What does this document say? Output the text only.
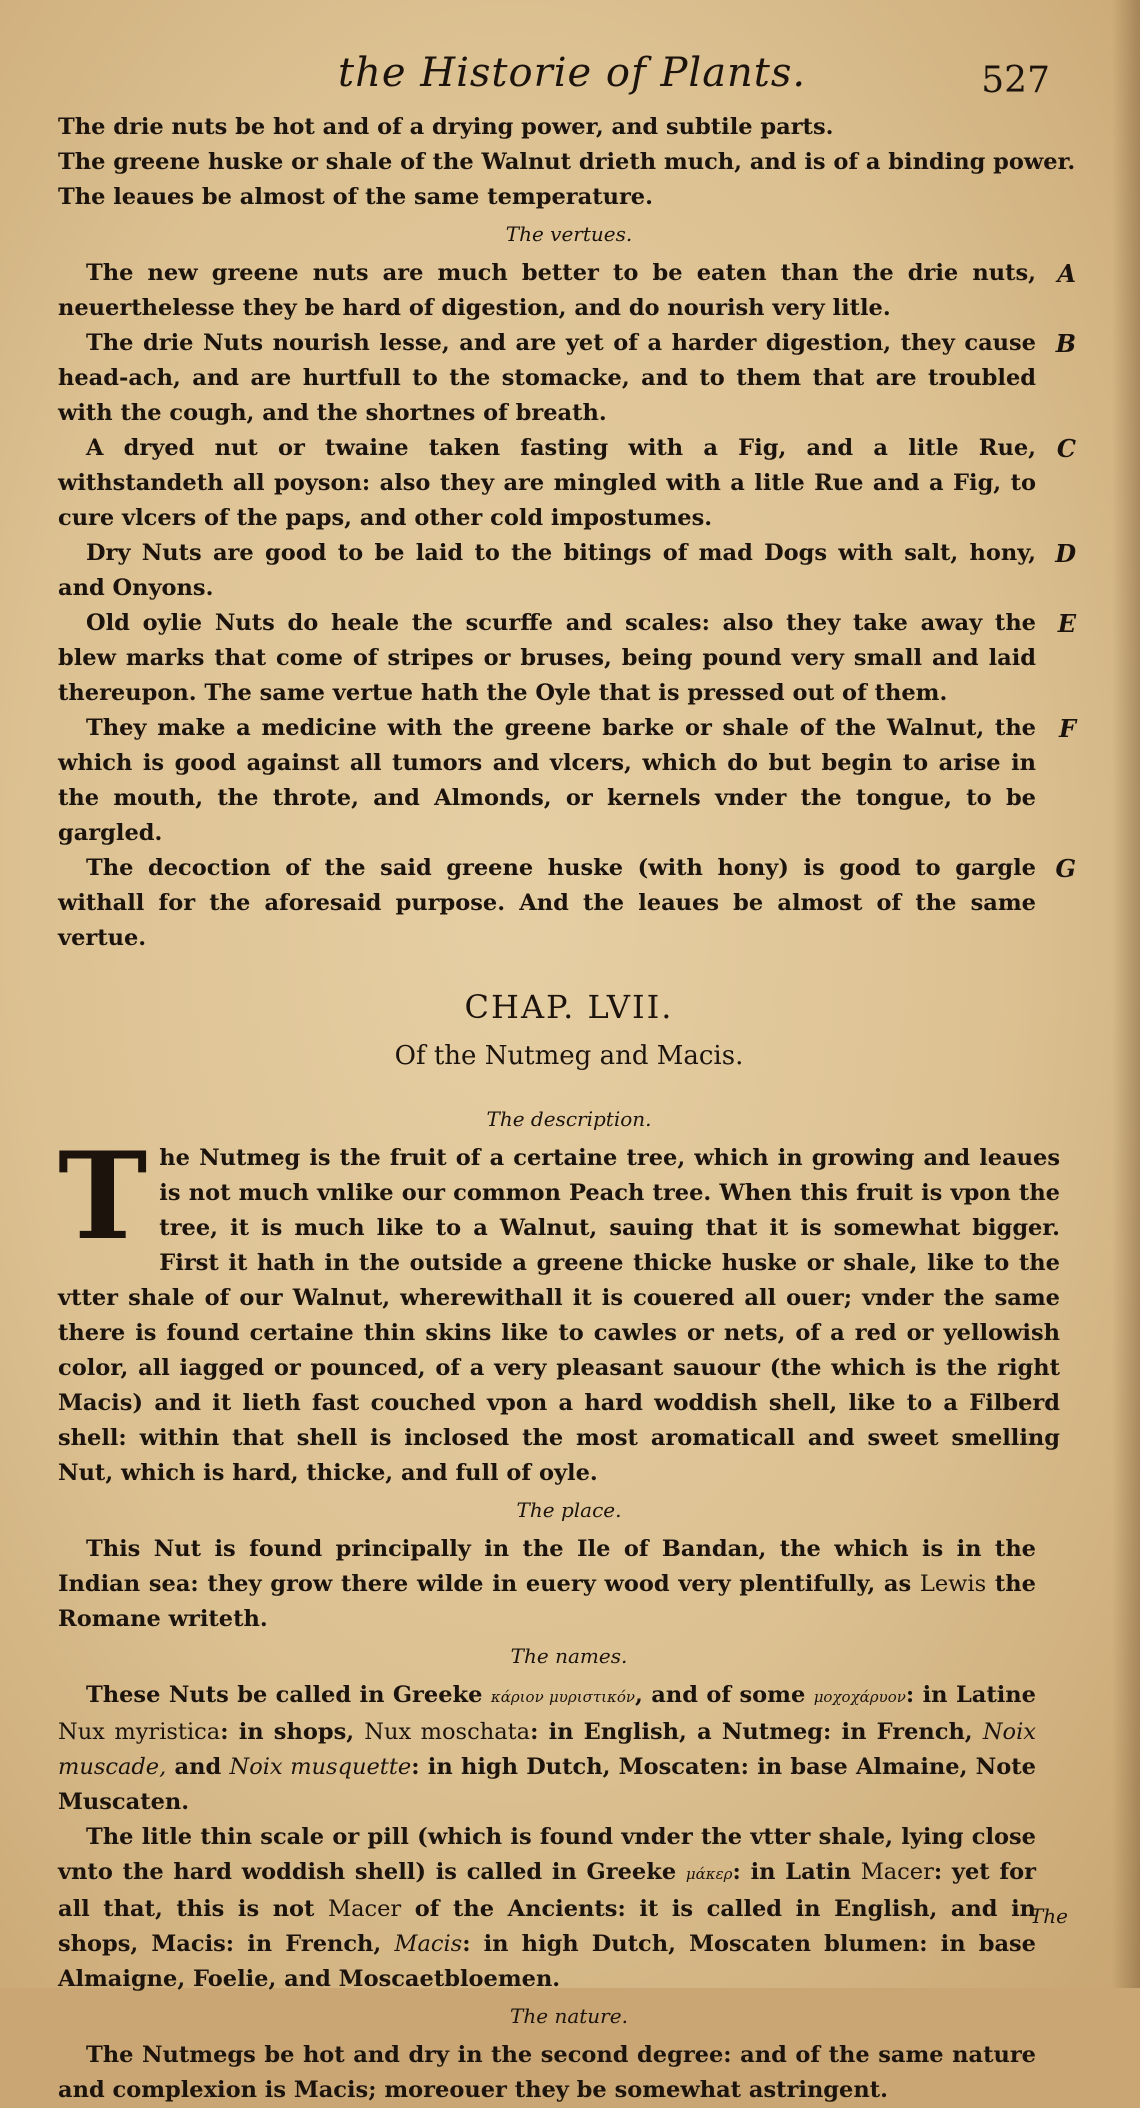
the Historie of Plants.	527

The drie nuts be hot and of a drying power, and subtile parts.

The greene huske or shale of the Walnut drieth much, and is of a binding power.

The leaues be almost of the same temperature.

The vertues.

The new greene nuts are much better to be eaten than the drie nuts, neuerthelesse they be hard of digestion, and do nourish very litle.
A

The drie Nuts nourish lesse, and are yet of a harder digestion, they cause head-ach, and are hurtfull to the stomacke, and to them that are troubled with the cough, and the shortnes of breath.
B

A dryed nut or twaine taken fasting with a Fig, and a litle Rue, withstandeth all poyson: also they are mingled with a litle Rue and a Fig, to cure vlcers of the paps, and other cold impostumes.
C

Dry Nuts are good to be laid to the bitings of mad Dogs with salt, hony, and Onyons.
D

Old oylie Nuts do heale the scurffe and scales: also they take away the blew marks that come of stripes or bruses, being pound very small and laid thereupon. The same vertue hath the Oyle that is pressed out of them.
E

They make a medicine with the greene barke or shale of the Walnut, the which is good against all tumors and vlcers, which do but begin to arise in the mouth, the throte, and Almonds, or kernels vnder the tongue, to be gargled.
F

The decoction of the said greene huske (with hony) is good to gargle withall for the aforesaid purpose. And the leaues be almost of the same vertue.
G

CHAP. LVII.
Of the Nutmeg and Macis.
The description.

T he Nutmeg is the fruit of a certaine tree, which in growing and leaues is not much vnlike our common Peach tree. When this fruit is vpon the tree, it is much like to a Walnut, sauing that it is somewhat bigger. First it hath in the outside a greene thicke huske or shale, like to the vtter shale of our Walnut, wherewithall it is couered all ouer; vnder the same there is found certaine thin skins like to cawles or nets, of a red or yellowish color, all iagged or pounced, of a very pleasant sauour (the which is the right Macis) and it lieth fast couched vpon a hard woddish shell, like to a Filberd shell: within that shell is inclosed the most aromaticall and sweet smelling Nut, which is hard, thicke, and full of oyle.

The place.

This Nut is found principally in the Ile of Bandan, the which is in the Indian sea: they grow there wilde in euery wood very plentifully, as Lewis the Romane writeth.

The names.

These Nuts be called in Greeke κάριον μυριστικόν, and of some μοχοχάρυον: in Latine Nux myristica: in shops, Nux moschata: in English, a Nutmeg: in French, Noix muscade, and Noix musquette: in high Dutch, Moscaten: in base Almaine, Note Muscaten.

The litle thin scale or pill (which is found vnder the vtter shale, lying close vnto the hard woddish shell) is called in Greeke μάκερ: in Latin Macer: yet for all that, this is not Macer of the Ancients: it is called in English, and in shops, Macis: in French, Macis: in high Dutch, Moscaten blumen: in base Almaigne, Foelie, and Moscaetbloemen.

The nature.

The Nutmegs be hot and dry in the second degree: and of the same nature and complexion is Macis; moreouer they be somewhat astringent.

The
